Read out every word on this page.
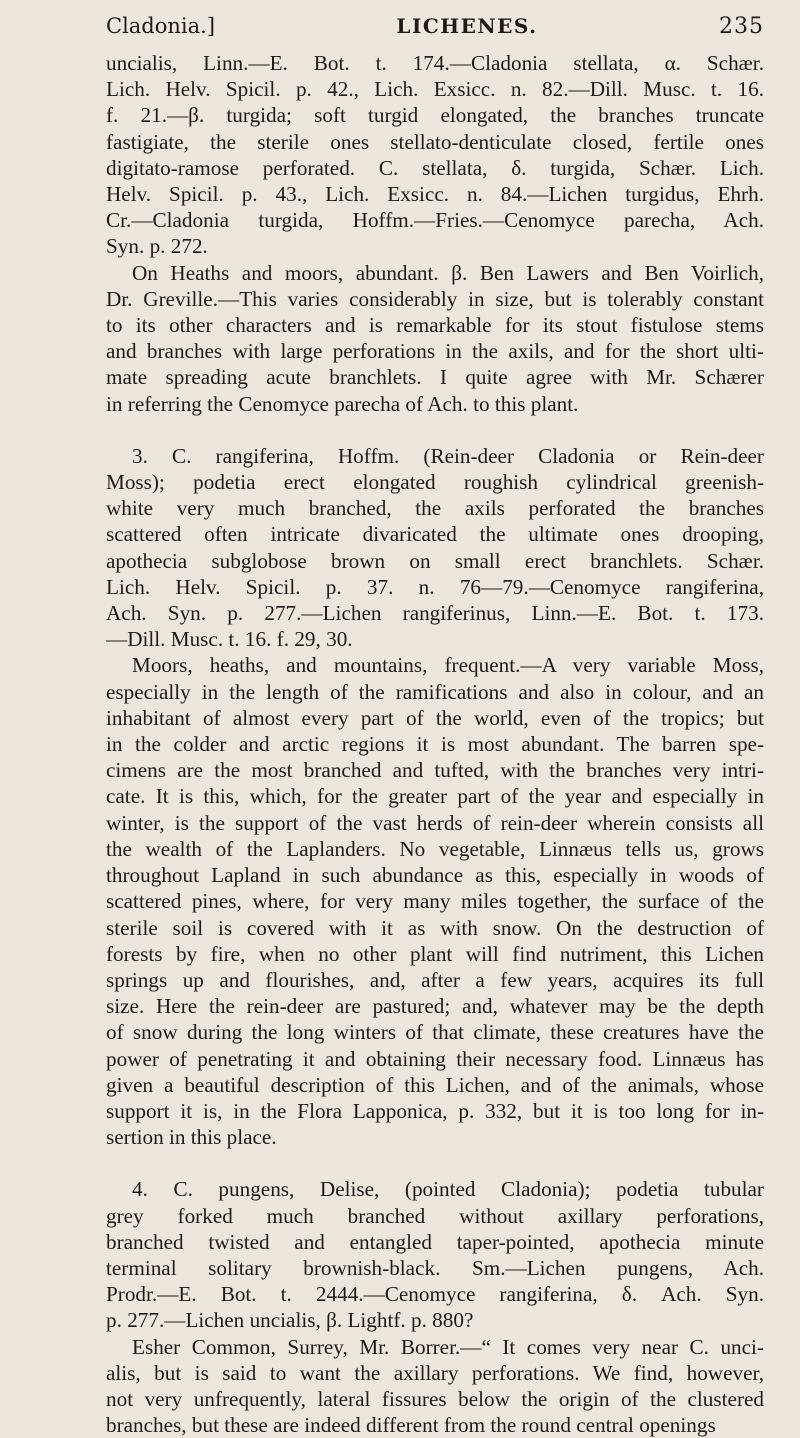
Cladonia.]	LICHENES.	235

uncialis, Linn.—E. Bot. t. 174.—Cladonia stellata, α. Schær.
Lich. Helv. Spicil. p. 42., Lich. Exsicc. n. 82.—Dill. Musc. t. 16.
f. 21.—β. turgida; soft turgid elongated, the branches truncate
fastigiate, the sterile ones stellato-denticulate closed, fertile ones
digitato-ramose perforated. C. stellata, δ. turgida, Schær. Lich.
Helv. Spicil. p. 43., Lich. Exsicc. n. 84.—Lichen turgidus, Ehrh.
Cr.—Cladonia turgida, Hoffm.—Fries.—Cenomyce parecha, Ach.
Syn. p. 272.
On Heaths and moors, abundant. β. Ben Lawers and Ben Voirlich,
Dr. Greville.—This varies considerably in size, but is tolerably constant
to its other characters and is remarkable for its stout fistulose stems
and branches with large perforations in the axils, and for the short ulti-
mate spreading acute branchlets. I quite agree with Mr. Schærer
in referring the Cenomyce parecha of Ach. to this plant.

3. C. rangiferina, Hoffm. (Rein-deer Cladonia or Rein-deer
Moss); podetia erect elongated roughish cylindrical greenish-
white very much branched, the axils perforated the branches
scattered often intricate divaricated the ultimate ones drooping,
apothecia subglobose brown on small erect branchlets. Schær.
Lich. Helv. Spicil. p. 37. n. 76—79.—Cenomyce rangiferina,
Ach. Syn. p. 277.—Lichen rangiferinus, Linn.—E. Bot. t. 173.
—Dill. Musc. t. 16. f. 29, 30.
Moors, heaths, and mountains, frequent.—A very variable Moss,
especially in the length of the ramifications and also in colour, and an
inhabitant of almost every part of the world, even of the tropics; but
in the colder and arctic regions it is most abundant. The barren spe-
cimens are the most branched and tufted, with the branches very intri-
cate. It is this, which, for the greater part of the year and especially in
winter, is the support of the vast herds of rein-deer wherein consists all
the wealth of the Laplanders. No vegetable, Linnæus tells us, grows
throughout Lapland in such abundance as this, especially in woods of
scattered pines, where, for very many miles together, the surface of the
sterile soil is covered with it as with snow. On the destruction of
forests by fire, when no other plant will find nutriment, this Lichen
springs up and flourishes, and, after a few years, acquires its full
size. Here the rein-deer are pastured; and, whatever may be the depth
of snow during the long winters of that climate, these creatures have the
power of penetrating it and obtaining their necessary food. Linnæus has
given a beautiful description of this Lichen, and of the animals, whose
support it is, in the Flora Lapponica, p. 332, but it is too long for in-
sertion in this place.

4. C. pungens, Delise, (pointed Cladonia); podetia tubular
grey forked much branched without axillary perforations,
branched twisted and entangled taper-pointed, apothecia minute
terminal solitary brownish-black. Sm.—Lichen pungens, Ach.
Prodr.—E. Bot. t. 2444.—Cenomyce rangiferina, δ. Ach. Syn.
p. 277.—Lichen uncialis, β. Lightf. p. 880?
Esher Common, Surrey, Mr. Borrer.—“ It comes very near C. unci-
alis, but is said to want the axillary perforations. We find, however,
not very unfrequently, lateral fissures below the origin of the clustered
branches, but these are indeed different from the round central openings
